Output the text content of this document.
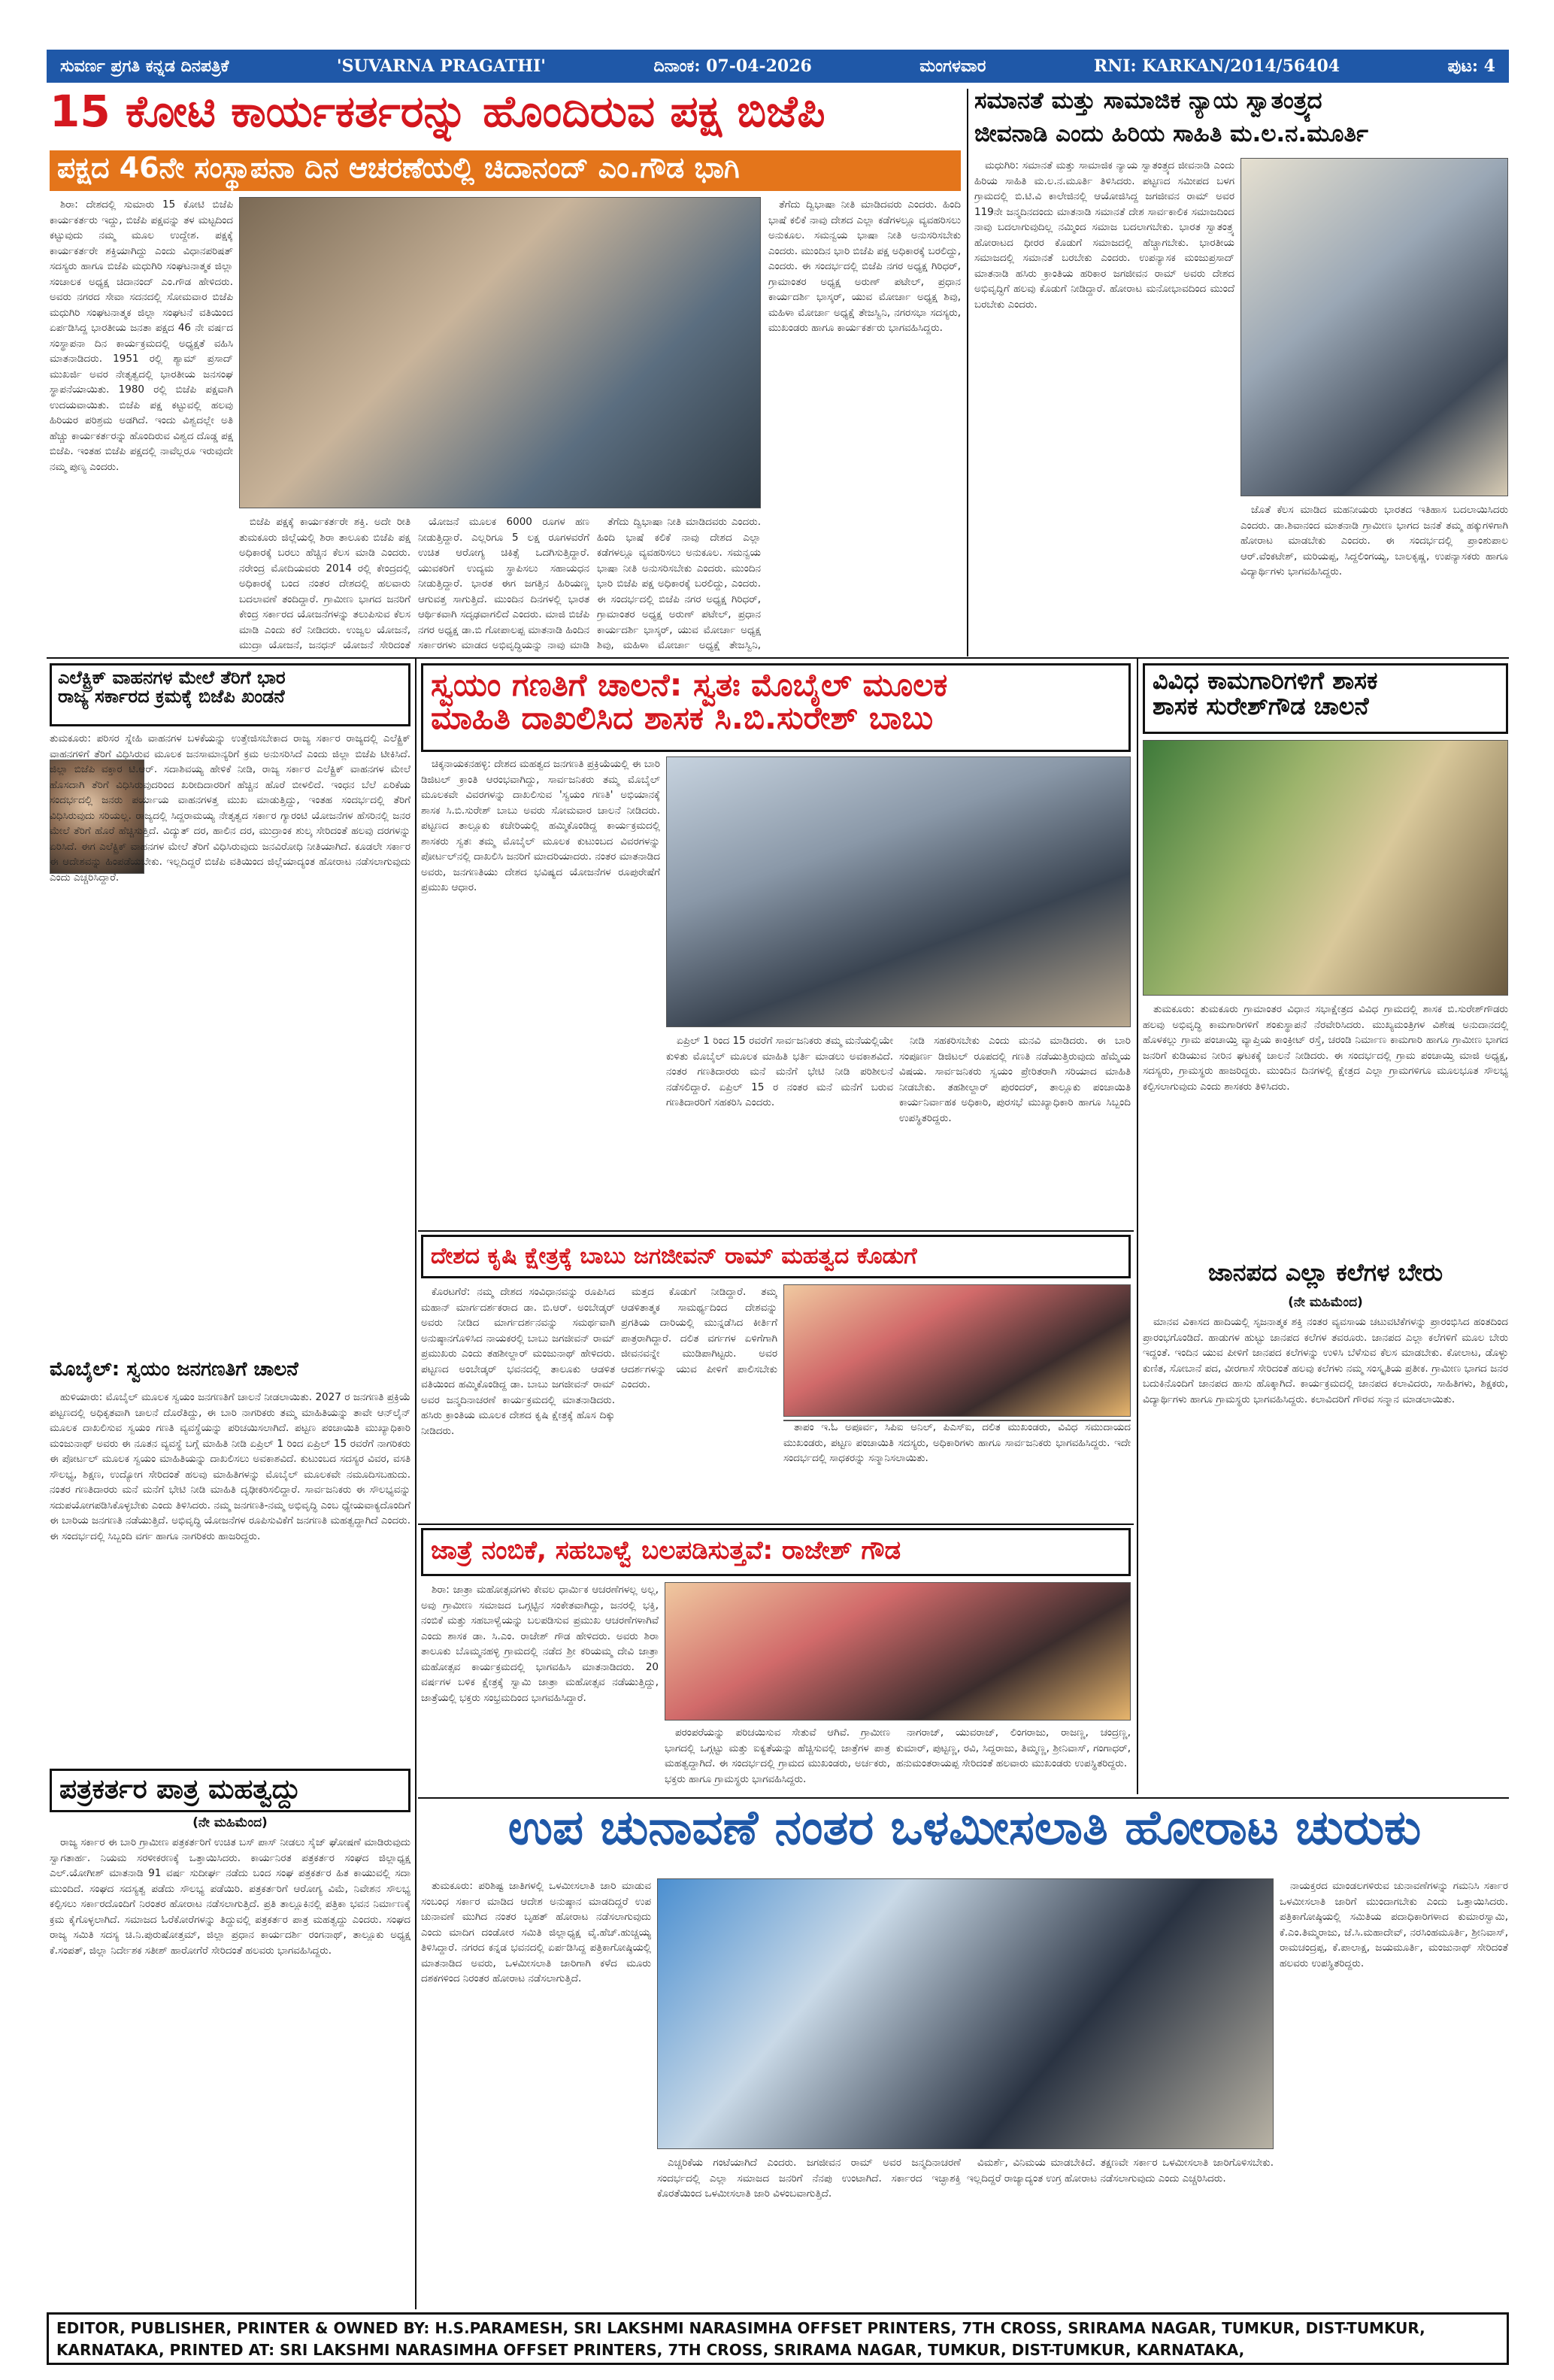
ಸುವರ್ಣ ಪ್ರಗತಿ ಕನ್ನಡ ದಿನಪತ್ರಿಕೆ	'SUVARNA PRAGATHI'	ದಿನಾಂಕ: 07-04-2026	ಮಂಗಳವಾರ	RNI: KARKAN/2014/56404	ಪುಟ: 4
15 ಕೋಟಿ ಕಾರ್ಯಕರ್ತರನ್ನು ಹೊಂದಿರುವ ಪಕ್ಷ ಬಿಜೆಪಿ
ಪಕ್ಷದ 46ನೇ ಸಂಸ್ಥಾಪನಾ ದಿನ ಆಚರಣೆಯಲ್ಲಿ ಚಿದಾನಂದ್ ಎಂ.ಗೌಡ ಭಾಗಿ

ಶಿರಾ: ದೇಶದಲ್ಲಿ ಸುಮಾರು 15 ಕೋಟಿ ಬಿಜೆಪಿ ಕಾರ್ಯಕರ್ತರು ಇದ್ದು, ಬಿಜೆಪಿ ಪಕ್ಷವನ್ನು ತಳ ಮಟ್ಟದಿಂದ ಕಟ್ಟುವುದು ನಮ್ಮ ಮೂಲ ಉದ್ದೇಶ. ಪಕ್ಷಕ್ಕೆ ಕಾರ್ಯಕರ್ತರೇ ಶಕ್ತಿಯಾಗಿದ್ದು ಎಂದು ವಿಧಾನಪರಿಷತ್ ಸದಸ್ಯರು ಹಾಗೂ ಬಿಜೆಪಿ ಮಧುಗಿರಿ ಸಂಘಟನಾತ್ಮಕ ಜಿಲ್ಲಾ ಸಂಚಾಲಕ ಅಧ್ಯಕ್ಷ ಚಿದಾನಂದ್ ಎಂ.ಗೌಡ ಹೇಳಿದರು. ಅವರು ನಗರದ ಸೇವಾ ಸದನದಲ್ಲಿ ಸೋಮವಾರ ಬಿಜೆಪಿ ಮಧುಗಿರಿ ಸಂಘಟನಾತ್ಮಕ ಜಿಲ್ಲಾ ಸಂಘಟನೆ ವತಿಯಿಂದ ಏರ್ಪಡಿಸಿದ್ದ ಭಾರತೀಯ ಜನತಾ ಪಕ್ಷದ 46 ನೇ ವರ್ಷದ ಸಂಸ್ಥಾಪನಾ ದಿನ ಕಾರ್ಯಕ್ರಮದಲ್ಲಿ ಅಧ್ಯಕ್ಷತೆ ವಹಿಸಿ ಮಾತನಾಡಿದರು. 1951 ರಲ್ಲಿ ಶ್ಯಾಮ್ ಪ್ರಸಾದ್ ಮುಖರ್ಜಿ ಅವರ ನೇತೃತ್ವದಲ್ಲಿ ಭಾರತೀಯ ಜನಸಂಘ ಸ್ಥಾಪನೆಯಾಯಿತು. 1980 ರಲ್ಲಿ ಬಿಜೆಪಿ ಪಕ್ಷವಾಗಿ ಉದಯವಾಯಿತು. ಬಿಜೆಪಿ ಪಕ್ಷ ಕಟ್ಟುವಲ್ಲಿ ಹಲವು ಹಿರಿಯರ ಪರಿಶ್ರಮ ಅಡಗಿದೆ. ಇಂದು ವಿಶ್ವದಲ್ಲೇ ಅತಿ ಹೆಚ್ಚು ಕಾರ್ಯಕರ್ತರನ್ನು ಹೊಂದಿರುವ ವಿಶ್ವದ ದೊಡ್ಡ ಪಕ್ಷ ಬಿಜೆಪಿ. ಇಂತಹ ಬಿಜೆಪಿ ಪಕ್ಷದಲ್ಲಿ ನಾವೆಲ್ಲರೂ ಇರುವುದೇ ನಮ್ಮ ಪುಣ್ಯ ಎಂದರು.

ಬಿಜೆಪಿ ಪಕ್ಷಕ್ಕೆ ಕಾರ್ಯಕರ್ತರೇ ಶಕ್ತಿ. ಅದೇ ರೀತಿ ತುಮಕೂರು ಜಿಲ್ಲೆಯಲ್ಲಿ ಶಿರಾ ತಾಲೂಕು ಬಿಜೆಪಿ ಪಕ್ಷ ಅಧಿಕಾರಕ್ಕೆ ಬರಲು ಹೆಚ್ಚಿನ ಕೆಲಸ ಮಾಡಿ ಎಂದರು. ನರೇಂದ್ರ ಮೋದಿಯವರು 2014 ರಲ್ಲಿ ಕೇಂದ್ರದಲ್ಲಿ ಅಧಿಕಾರಕ್ಕೆ ಬಂದ ನಂತರ ದೇಶದಲ್ಲಿ ಹಲವಾರು ಬದಲಾವಣೆ ತಂದಿದ್ದಾರೆ. ಗ್ರಾಮೀಣ ಭಾಗದ ಜನರಿಗೆ ಕೇಂದ್ರ ಸರ್ಕಾರದ ಯೋಜನೆಗಳನ್ನು ತಲುಪಿಸುವ ಕೆಲಸ ಮಾಡಿ ಎಂದು ಕರೆ ನೀಡಿದರು. ಉಜ್ವಲ ಯೋಜನೆ, ಮುದ್ರಾ ಯೋಜನೆ, ಜನಧನ್ ಯೋಜನೆ ಸೇರಿದಂತೆ

ಯೋಜನೆ ಮೂಲಕ 6000 ರೂಗಳ ಹಣ ನೀಡುತ್ತಿದ್ದಾರೆ. ಎಲ್ಲರಿಗೂ 5 ಲಕ್ಷ ರೂಗಳವರೆಗೆ ಉಚಿತ ಆರೋಗ್ಯ ಚಿಕಿತ್ಸೆ ಒದಗಿಸುತ್ತಿದ್ದಾರೆ. ಯುವಕರಿಗೆ ಉದ್ಯಮ ಸ್ಥಾಪಿಸಲು ಸಹಾಯಧನ ನೀಡುತ್ತಿದ್ದಾರೆ. ಭಾರತ ಈಗ ಜಗತ್ತಿನ ಹಿರಿಯಣ್ಣ ಆಗುವತ್ತ ಸಾಗುತ್ತಿದೆ. ಮುಂದಿನ ದಿನಗಳಲ್ಲಿ ಭಾರತ ಆರ್ಥಿಕವಾಗಿ ಸದೃಢವಾಗಲಿದೆ ಎಂದರು. ಮಾಜಿ ಬಿಜೆಪಿ ನಗರ ಅಧ್ಯಕ್ಷ ಡಾ.ಬಿ ಗೋಪಾಲಪ್ಪ ಮಾತನಾಡಿ ಹಿಂದಿನ ಸರ್ಕಾರಗಳು ಮಾಡದ ಅಭಿವೃದ್ಧಿಯನ್ನು ನಾವು ಮಾಡಿ

ತೆಗೆದು ದ್ವಿಭಾಷಾ ನೀತಿ ಮಾಡಿದವರು ಎಂದರು. ಹಿಂದಿ ಭಾಷೆ ಕಲಿಕೆ ನಾವು ದೇಶದ ಎಲ್ಲಾ ಕಡೆಗಳಲ್ಲೂ ವ್ಯವಹರಿಸಲು ಅನುಕೂಲ. ಸಮನ್ವಯ ಭಾಷಾ ನೀತಿ ಅನುಸರಿಸಬೇಕು ಎಂದರು. ಮುಂದಿನ ಭಾರಿ ಬಿಜೆಪಿ ಪಕ್ಷ ಅಧಿಕಾರಕ್ಕೆ ಬರಲಿದ್ದು, ಎಂದರು. ಈ ಸಂದರ್ಭದಲ್ಲಿ ಬಿಜೆಪಿ ನಗರ ಅಧ್ಯಕ್ಷ ಗಿರಿಧರ್, ಗ್ರಾಮಾಂತರ ಅಧ್ಯಕ್ಷ ಅರುಣ್ ಪಟೇಲ್, ಪ್ರಧಾನ ಕಾರ್ಯದರ್ಶಿ ಭಾಸ್ಕರ್, ಯುವ ಮೋರ್ಚಾ ಅಧ್ಯಕ್ಷ ಶಿವು, ಮಹಿಳಾ ಮೋರ್ಚಾ ಅಧ್ಯಕ್ಷೆ ತೇಜಸ್ವಿನಿ,

ತೆಗೆದು ದ್ವಿಭಾಷಾ ನೀತಿ ಮಾಡಿದವರು ಎಂದರು. ಹಿಂದಿ ಭಾಷೆ ಕಲಿಕೆ ನಾವು ದೇಶದ ಎಲ್ಲಾ ಕಡೆಗಳಲ್ಲೂ ವ್ಯವಹರಿಸಲು ಅನುಕೂಲ. ಸಮನ್ವಯ ಭಾಷಾ ನೀತಿ ಅನುಸರಿಸಬೇಕು ಎಂದರು. ಮುಂದಿನ ಭಾರಿ ಬಿಜೆಪಿ ಪಕ್ಷ ಅಧಿಕಾರಕ್ಕೆ ಬರಲಿದ್ದು, ಎಂದರು. ಈ ಸಂದರ್ಭದಲ್ಲಿ ಬಿಜೆಪಿ ನಗರ ಅಧ್ಯಕ್ಷ ಗಿರಿಧರ್, ಗ್ರಾಮಾಂತರ ಅಧ್ಯಕ್ಷ ಅರುಣ್ ಪಟೇಲ್, ಪ್ರಧಾನ ಕಾರ್ಯದರ್ಶಿ ಭಾಸ್ಕರ್, ಯುವ ಮೋರ್ಚಾ ಅಧ್ಯಕ್ಷ ಶಿವು, ಮಹಿಳಾ ಮೋರ್ಚಾ ಅಧ್ಯಕ್ಷೆ ತೇಜಸ್ವಿನಿ, ನಗರಸಭಾ ಸದಸ್ಯರು, ಮುಖಂಡರು ಹಾಗೂ ಕಾರ್ಯಕರ್ತರು ಭಾಗವಹಿಸಿದ್ದರು.

ಸಮಾನತೆ ಮತ್ತು ಸಾಮಾಜಿಕ ನ್ಯಾಯ ಸ್ವಾತಂತ್ರ್ಯದ
ಜೀವನಾಡಿ ಎಂದು ಹಿರಿಯ ಸಾಹಿತಿ ಮ.ಲ.ನ.ಮೂರ್ತಿ

ಮಧುಗಿರಿ: ಸಮಾನತೆ ಮತ್ತು ಸಾಮಾಜಿಕ ನ್ಯಾಯ ಸ್ವಾತಂತ್ರ್ಯದ ಜೀವನಾಡಿ ಎಂದು ಹಿರಿಯ ಸಾಹಿತಿ ಮ.ಲ.ನ.ಮೂರ್ತಿ ತಿಳಿಸಿದರು. ಪಟ್ಟಣದ ಸಮೀಪದ ಬಳಗ ಗ್ರಾಮದಲ್ಲಿ ಬಿ.ಟಿ.ವಿ ಕಾಲೇಜಿನಲ್ಲಿ ಆಯೋಜಿಸಿದ್ದ ಜಗಜೀವನ ರಾಮ್ ಅವರ 119ನೇ ಜನ್ಮದಿನದಂದು ಮಾತನಾಡಿ ಸಮಾನತೆ ದೇಶ ಸಾರ್ವಕಾಲಿಕ ಸಮಾಜದಿಂದ ನಾವು ಬದಲಾಗುವುದಿಲ್ಲ ನಮ್ಮಿಂದ ಸಮಾಜ ಬದಲಾಗಬೇಕು. ಭಾರತ ಸ್ವಾತಂತ್ರ್ಯ ಹೋರಾಟದ ಧೀರರ ಕೊಡುಗೆ ಸಮಾಜದಲ್ಲಿ ಹೆಚ್ಚಾಗಬೇಕು. ಭಾರತೀಯ ಸಮಾಜದಲ್ಲಿ ಸಮಾನತೆ ಬರಬೇಕು ಎಂದರು. ಉಪನ್ಯಾಸಕ ಮಂಜುಪ್ರಸಾದ್ ಮಾತನಾಡಿ ಹಸಿರು ಕ್ರಾಂತಿಯ ಹರಿಕಾರ ಜಗಜೀವನ ರಾಮ್ ಅವರು ದೇಶದ ಅಭಿವೃದ್ಧಿಗೆ ಹಲವು ಕೊಡುಗೆ ನೀಡಿದ್ದಾರೆ. ಹೋರಾಟ ಮನೋಭಾವದಿಂದ ಮುಂದೆ ಬರಬೇಕು ಎಂದರು.

ಜೊತೆ ಕೆಲಸ ಮಾಡಿದ ಮಹನೀಯರು ಭಾರತದ ಇತಿಹಾಸ ಬದಲಾಯಿಸಿದರು ಎಂದರು. ಡಾ.ಶಿವಾನಂದ ಮಾತನಾಡಿ ಗ್ರಾಮೀಣ ಭಾಗದ ಜನತೆ ತಮ್ಮ ಹಕ್ಕುಗಳಿಗಾಗಿ ಹೋರಾಟ ಮಾಡಬೇಕು ಎಂದರು. ಈ ಸಂದರ್ಭದಲ್ಲಿ ಪ್ರಾಂಶುಪಾಲ ಆರ್.ವೆಂಕಟೇಶ್, ಮರಿಯಪ್ಪ, ಸಿದ್ದಲಿಂಗಯ್ಯ, ಬಾಲಕೃಷ್ಣ, ಉಪನ್ಯಾಸಕರು ಹಾಗೂ ವಿದ್ಯಾರ್ಥಿಗಳು ಭಾಗವಹಿಸಿದ್ದರು.

ಎಲೆಕ್ಟ್ರಿಕ್ ವಾಹನಗಳ ಮೇಲೆ ತೆರಿಗೆ ಭಾರ
ರಾಜ್ಯ ಸರ್ಕಾರದ ಕ್ರಮಕ್ಕೆ ಬಿಜೆಪಿ ಖಂಡನೆ

ತುಮಕೂರು: ಪರಿಸರ ಸ್ನೇಹಿ ವಾಹನಗಳ ಬಳಕೆಯನ್ನು ಉತ್ತೇಜಿಸಬೇಕಾದ ರಾಜ್ಯ ಸರ್ಕಾರ ರಾಜ್ಯದಲ್ಲಿ ಎಲೆಕ್ಟ್ರಿಕ್ ವಾಹನಗಳಿಗೆ ತೆರಿಗೆ ವಿಧಿಸಿರುವ ಮೂಲಕ ಜನಸಾಮಾನ್ಯರಿಗೆ ಕ್ರಮ ಅನುಸರಿಸಿದೆ ಎಂದು ಜಿಲ್ಲಾ ಬಿಜೆಪಿ ಟೀಕಿಸಿದೆ. ಜಿಲ್ಲಾ ಬಿಜೆಪಿ ವಕ್ತಾರ ಟಿ.ಆರ್. ಸದಾಶಿವಯ್ಯ ಹೇಳಿಕೆ ನೀಡಿ, ರಾಜ್ಯ ಸರ್ಕಾರ ಎಲೆಕ್ಟ್ರಿಕ್ ವಾಹನಗಳ ಮೇಲೆ ಹೊಸದಾಗಿ ತೆರಿಗೆ ವಿಧಿಸಿರುವುದರಿಂದ ಖರೀದಿದಾರರಿಗೆ ಹೆಚ್ಚಿನ ಹೊರೆ ಬೀಳಲಿದೆ. ಇಂಧನ ಬೆಲೆ ಏರಿಕೆಯ ಸಂದರ್ಭದಲ್ಲಿ ಜನರು ಪರ್ಯಾಯ ವಾಹನಗಳತ್ತ ಮುಖ ಮಾಡುತ್ತಿದ್ದು, ಇಂತಹ ಸಂದರ್ಭದಲ್ಲಿ ತೆರಿಗೆ ವಿಧಿಸಿರುವುದು ಸರಿಯಲ್ಲ. ರಾಜ್ಯದಲ್ಲಿ ಸಿದ್ದರಾಮಯ್ಯ ನೇತೃತ್ವದ ಸರ್ಕಾರ ಗ್ಯಾರಂಟಿ ಯೋಜನೆಗಳ ಹೆಸರಿನಲ್ಲಿ ಜನರ ಮೇಲೆ ತೆರಿಗೆ ಹೊರೆ ಹೆಚ್ಚಿಸುತ್ತಿದೆ. ವಿದ್ಯುತ್ ದರ, ಹಾಲಿನ ದರ, ಮುದ್ರಾಂಕ ಶುಲ್ಕ ಸೇರಿದಂತೆ ಹಲವು ದರಗಳನ್ನು ಏರಿಸಿದೆ. ಈಗ ಎಲೆಕ್ಟ್ರಿಕ್ ವಾಹನಗಳ ಮೇಲೆ ತೆರಿಗೆ ವಿಧಿಸಿರುವುದು ಜನವಿರೋಧಿ ನೀತಿಯಾಗಿದೆ. ಕೂಡಲೇ ಸರ್ಕಾರ ಈ ಆದೇಶವನ್ನು ಹಿಂಪಡೆಯಬೇಕು. ಇಲ್ಲದಿದ್ದರೆ ಬಿಜೆಪಿ ವತಿಯಿಂದ ಜಿಲ್ಲೆಯಾದ್ಯಂತ ಹೋರಾಟ ನಡೆಸಲಾಗುವುದು ಎಂದು ಎಚ್ಚರಿಸಿದ್ದಾರೆ.

ಮೊಬೈಲ್: ಸ್ವಯಂ ಜನಗಣತಿಗೆ ಚಾಲನೆ

ಹುಳಿಯಾರು: ಮೊಬೈಲ್ ಮೂಲಕ ಸ್ವಯಂ ಜನಗಣತಿಗೆ ಚಾಲನೆ ನೀಡಲಾಯಿತು. 2027 ರ ಜನಗಣತಿ ಪ್ರಕ್ರಿಯೆ ಪಟ್ಟಣದಲ್ಲಿ ಅಧಿಕೃತವಾಗಿ ಚಾಲನೆ ದೊರೆತಿದ್ದು, ಈ ಬಾರಿ ನಾಗರಿಕರು ತಮ್ಮ ಮಾಹಿತಿಯನ್ನು ತಾವೇ ಆನ್‌ಲೈನ್ ಮೂಲಕ ದಾಖಲಿಸುವ ಸ್ವಯಂ ಗಣತಿ ವ್ಯವಸ್ಥೆಯನ್ನು ಪರಿಚಯಿಸಲಾಗಿದೆ. ಪಟ್ಟಣ ಪಂಚಾಯಿತಿ ಮುಖ್ಯಾಧಿಕಾರಿ ಮಂಜುನಾಥ್ ಅವರು ಈ ನೂತನ ವ್ಯವಸ್ಥೆ ಬಗ್ಗೆ ಮಾಹಿತಿ ನೀಡಿ ಏಪ್ರಿಲ್ 1 ರಿಂದ ಏಪ್ರಿಲ್ 15 ರವರೆಗೆ ನಾಗರಿಕರು ಈ ಪೋರ್ಟಲ್ ಮೂಲಕ ಸ್ವಯಂ ಮಾಹಿತಿಯನ್ನು ದಾಖಲಿಸಲು ಅವಕಾಶವಿದೆ. ಕುಟುಂಬದ ಸದಸ್ಯರ ವಿವರ, ವಸತಿ ಸೌಲಭ್ಯ, ಶಿಕ್ಷಣ, ಉದ್ಯೋಗ ಸೇರಿದಂತೆ ಹಲವು ಮಾಹಿತಿಗಳನ್ನು ಮೊಬೈಲ್ ಮೂಲಕವೇ ನಮೂದಿಸಬಹುದು. ನಂತರ ಗಣತಿದಾರರು ಮನೆ ಮನೆಗೆ ಭೇಟಿ ನೀಡಿ ಮಾಹಿತಿ ದೃಢೀಕರಿಸಲಿದ್ದಾರೆ. ಸಾರ್ವಜನಿಕರು ಈ ಸೌಲಭ್ಯವನ್ನು ಸದುಪಯೋಗಪಡಿಸಿಕೊಳ್ಳಬೇಕು ಎಂದು ತಿಳಿಸಿದರು. ನಮ್ಮ ಜನಗಣತಿ-ನಮ್ಮ ಅಭಿವೃದ್ಧಿ ಎಂಬ ಧ್ಯೇಯವಾಕ್ಯದೊಂದಿಗೆ ಈ ಬಾರಿಯ ಜನಗಣತಿ ನಡೆಯುತ್ತಿದೆ. ಅಭಿವೃದ್ಧಿ ಯೋಜನೆಗಳ ರೂಪಿಸುವಿಕೆಗೆ ಜನಗಣತಿ ಮಹತ್ವದ್ದಾಗಿದೆ ಎಂದರು. ಈ ಸಂದರ್ಭದಲ್ಲಿ ಸಿಬ್ಬಂದಿ ವರ್ಗ ಹಾಗೂ ನಾಗರಿಕರು ಹಾಜರಿದ್ದರು.

ಪತ್ರಕರ್ತರ ಪಾತ್ರ ಮಹತ್ವದ್ದು
(ನೇ ಮಹಿಮೆಂದ)

ರಾಜ್ಯ ಸರ್ಕಾರ ಈ ಬಾರಿ ಗ್ರಾಮೀಣ ಪತ್ರಕರ್ತರಿಗೆ ಉಚಿತ ಬಸ್ ಪಾಸ್ ನೀಡಲು ಸೈಜ್ ಘೋಷಣೆ ಮಾಡಿರುವುದು ಸ್ವಾಗತಾರ್ಹ. ನಿಯಮ ಸರಳೀಕರಣಕ್ಕೆ ಒತ್ತಾಯಿಸಿದರು. ಕಾರ್ಯನಿರತ ಪತ್ರಕರ್ತರ ಸಂಘದ ಜಿಲ್ಲಾಧ್ಯಕ್ಷ ಎಲ್.ಯೋಗೀಶ್ ಮಾತನಾಡಿ 91 ವರ್ಷ ಸುದೀರ್ಘ ನಡೆದು ಬಂದ ಸಂಘ ಪತ್ರಕರ್ತರ ಹಿತ ಕಾಯುವಲ್ಲಿ ಸದಾ ಮುಂದಿದೆ. ಸಂಘದ ಸದಸ್ಯತ್ವ ಪಡೆದು ಸೌಲಭ್ಯ ಪಡೆಯಿರಿ. ಪತ್ರಕರ್ತರಿಗೆ ಆರೋಗ್ಯ ವಿಮೆ, ನಿವೇಶನ ಸೌಲಭ್ಯ ಕಲ್ಪಿಸಲು ಸರ್ಕಾರದೊಂದಿಗೆ ನಿರಂತರ ಹೋರಾಟ ನಡೆಸಲಾಗುತ್ತಿದೆ. ಪ್ರತಿ ತಾಲ್ಲೂಕಿನಲ್ಲಿ ಪತ್ರಿಕಾ ಭವನ ನಿರ್ಮಾಣಕ್ಕೆ ಕ್ರಮ ಕೈಗೊಳ್ಳಲಾಗಿದೆ. ಸಮಾಜದ ಓರೆಕೋರೆಗಳನ್ನು ತಿದ್ದುವಲ್ಲಿ ಪತ್ರಕರ್ತರ ಪಾತ್ರ ಮಹತ್ವದ್ದು ಎಂದರು. ಸಂಘದ ರಾಜ್ಯ ಸಮಿತಿ ಸದಸ್ಯ ಚಿ.ನಿ.ಪುರುಷೋತ್ತಮ್, ಜಿಲ್ಲಾ ಪ್ರಧಾನ ಕಾರ್ಯದರ್ಶಿ ರಂಗನಾಥ್, ತಾಲ್ಲೂಕು ಅಧ್ಯಕ್ಷ ಕೆ.ಸಂಪತ್, ಜಿಲ್ಲಾ ನಿರ್ದೇಶಕ ಸತೀಶ್ ಹಾರೋಗೆರೆ ಸೇರಿದಂತೆ ಹಲವರು ಭಾಗವಹಿಸಿದ್ದರು.

ಸ್ವಯಂ ಗಣತಿಗೆ ಚಾಲನೆ: ಸ್ವತಃ ಮೊಬೈಲ್ ಮೂಲಕ
ಮಾಹಿತಿ ದಾಖಲಿಸಿದ ಶಾಸಕ ಸಿ.ಬಿ.ಸುರೇಶ್ ಬಾಬು

ಚಿಕ್ಕನಾಯಕನಹಳ್ಳಿ: ದೇಶದ ಮಹತ್ವದ ಜನಗಣತಿ ಪ್ರಕ್ರಿಯೆಯಲ್ಲಿ ಈ ಬಾರಿ ಡಿಜಿಟಲ್ ಕ್ರಾಂತಿ ಆರಂಭವಾಗಿದ್ದು, ಸಾರ್ವಜನಿಕರು ತಮ್ಮ ಮೊಬೈಲ್ ಮೂಲಕವೇ ವಿವರಗಳನ್ನು ದಾಖಲಿಸುವ 'ಸ್ವಯಂ ಗಣತಿ' ಅಭಿಯಾನಕ್ಕೆ ಶಾಸಕ ಸಿ.ಬಿ.ಸುರೇಶ್ ಬಾಬು ಅವರು ಸೋಮವಾರ ಚಾಲನೆ ನೀಡಿದರು. ಪಟ್ಟಣದ ತಾಲ್ಲೂಕು ಕಚೇರಿಯಲ್ಲಿ ಹಮ್ಮಿಕೊಂಡಿದ್ದ ಕಾರ್ಯಕ್ರಮದಲ್ಲಿ ಶಾಸಕರು ಸ್ವತಃ ತಮ್ಮ ಮೊಬೈಲ್ ಮೂಲಕ ಕುಟುಂಬದ ವಿವರಗಳನ್ನು ಪೋರ್ಟಲ್‌ನಲ್ಲಿ ದಾಖಲಿಸಿ ಜನರಿಗೆ ಮಾದರಿಯಾದರು. ನಂತರ ಮಾತನಾಡಿದ ಅವರು, ಜನಗಣತಿಯು ದೇಶದ ಭವಿಷ್ಯದ ಯೋಜನೆಗಳ ರೂಪುರೇಷೆಗೆ ಪ್ರಮುಖ ಆಧಾರ.

ಏಪ್ರಿಲ್ 1 ರಿಂದ 15 ರವರೆಗೆ ಸಾರ್ವಜನಿಕರು ತಮ್ಮ ಮನೆಯಲ್ಲಿಯೇ ಕುಳಿತು ಮೊಬೈಲ್ ಮೂಲಕ ಮಾಹಿತಿ ಭರ್ತಿ ಮಾಡಲು ಅವಕಾಶವಿದೆ. ನಂತರ ಗಣತಿದಾರರು ಮನೆ ಮನೆಗೆ ಭೇಟಿ ನೀಡಿ ಪರಿಶೀಲನೆ ನಡೆಸಲಿದ್ದಾರೆ. ಏಪ್ರಿಲ್ 15 ರ ನಂತರ ಮನೆ ಮನೆಗೆ ಬರುವ ಗಣತಿದಾರರಿಗೆ ಸಹಕರಿಸಿ ಎಂದರು.

ನೀಡಿ ಸಹಕರಿಸಬೇಕು ಎಂದು ಮನವಿ ಮಾಡಿದರು. ಈ ಬಾರಿ ಸಂಪೂರ್ಣ ಡಿಜಿಟಲ್ ರೂಪದಲ್ಲಿ ಗಣತಿ ನಡೆಯುತ್ತಿರುವುದು ಹೆಮ್ಮೆಯ ವಿಷಯ. ಸಾರ್ವಜನಿಕರು ಸ್ವಯಂ ಪ್ರೇರಿತರಾಗಿ ಸರಿಯಾದ ಮಾಹಿತಿ ನೀಡಬೇಕು. ತಹಶೀಲ್ದಾರ್ ಪುರಂದರ್, ತಾಲ್ಲೂಕು ಪಂಚಾಯಿತಿ ಕಾರ್ಯನಿರ್ವಾಹಕ ಅಧಿಕಾರಿ, ಪುರಸಭೆ ಮುಖ್ಯಾಧಿಕಾರಿ ಹಾಗೂ ಸಿಬ್ಬಂದಿ ಉಪಸ್ಥಿತರಿದ್ದರು.

ವಿವಿಧ ಕಾಮಗಾರಿಗಳಿಗೆ ಶಾಸಕ
ಶಾಸಕ ಸುರೇಶ್‌ಗೌಡ ಚಾಲನೆ

ತುಮಕೂರು: ತುಮಕೂರು ಗ್ರಾಮಾಂತರ ವಿಧಾನ ಸಭಾಕ್ಷೇತ್ರದ ವಿವಿಧ ಗ್ರಾಮದಲ್ಲಿ ಶಾಸಕ ಬಿ.ಸುರೇಶ್‌ಗೌಡರು ಹಲವು ಅಭಿವೃದ್ಧಿ ಕಾಮಗಾರಿಗಳಿಗೆ ಶಂಕುಸ್ಥಾಪನೆ ನೆರವೇರಿಸಿದರು. ಮುಖ್ಯಮಂತ್ರಿಗಳ ವಿಶೇಷ ಅನುದಾನದಲ್ಲಿ ಹೊಳಕಲ್ಲು ಗ್ರಾಮ ಪಂಚಾಯ್ತಿ ವ್ಯಾಪ್ತಿಯ ಕಾಂಕ್ರೀಟ್ ರಸ್ತೆ, ಚರಂಡಿ ನಿರ್ಮಾಣ ಕಾಮಗಾರಿ ಹಾಗೂ ಗ್ರಾಮೀಣ ಭಾಗದ ಜನರಿಗೆ ಕುಡಿಯುವ ನೀರಿನ ಘಟಕಕ್ಕೆ ಚಾಲನೆ ನೀಡಿದರು. ಈ ಸಂದರ್ಭದಲ್ಲಿ ಗ್ರಾಮ ಪಂಚಾಯ್ತಿ ಮಾಜಿ ಅಧ್ಯಕ್ಷ, ಸದಸ್ಯರು, ಗ್ರಾಮಸ್ಥರು ಹಾಜರಿದ್ದರು. ಮುಂದಿನ ದಿನಗಳಲ್ಲಿ ಕ್ಷೇತ್ರದ ಎಲ್ಲಾ ಗ್ರಾಮಗಳಿಗೂ ಮೂಲಭೂತ ಸೌಲಭ್ಯ ಕಲ್ಪಿಸಲಾಗುವುದು ಎಂದು ಶಾಸಕರು ತಿಳಿಸಿದರು.

ಜಾನಪದ ಎಲ್ಲಾ ಕಲೆಗಳ ಬೇರು
(ನೇ ಮಹಿಮೆಂದ)

ಮಾನವ ವಿಕಾಸದ ಹಾದಿಯಲ್ಲಿ ಸೃಜನಾತ್ಮಕ ಶಕ್ತಿ ನಂತರ ವ್ಯವಸಾಯ ಚಟುವಟಿಕೆಗಳನ್ನು ಪ್ರಾರಂಭಿಸಿದ ಹಂತದಿಂದ ಪ್ರಾರಂಭಗೊಂಡಿದೆ. ಹಾಡುಗಳ ಹುಟ್ಟು ಜಾನಪದ ಕಲೆಗಳ ತವರೂರು. ಜಾನಪದ ಎಲ್ಲಾ ಕಲೆಗಳಿಗೆ ಮೂಲ ಬೇರು ಇದ್ದಂತೆ. ಇಂದಿನ ಯುವ ಪೀಳಿಗೆ ಜಾನಪದ ಕಲೆಗಳನ್ನು ಉಳಿಸಿ ಬೆಳೆಸುವ ಕೆಲಸ ಮಾಡಬೇಕು. ಕೋಲಾಟ, ಡೊಳ್ಳು ಕುಣಿತ, ಸೋಬಾನೆ ಪದ, ವೀರಗಾಸೆ ಸೇರಿದಂತೆ ಹಲವು ಕಲೆಗಳು ನಮ್ಮ ಸಂಸ್ಕೃತಿಯ ಪ್ರತೀಕ. ಗ್ರಾಮೀಣ ಭಾಗದ ಜನರ ಬದುಕಿನೊಂದಿಗೆ ಜಾನಪದ ಹಾಸು ಹೊಕ್ಕಾಗಿದೆ. ಕಾರ್ಯಕ್ರಮದಲ್ಲಿ ಜಾನಪದ ಕಲಾವಿದರು, ಸಾಹಿತಿಗಳು, ಶಿಕ್ಷಕರು, ವಿದ್ಯಾರ್ಥಿಗಳು ಹಾಗೂ ಗ್ರಾಮಸ್ಥರು ಭಾಗವಹಿಸಿದ್ದರು. ಕಲಾವಿದರಿಗೆ ಗೌರವ ಸನ್ಮಾನ ಮಾಡಲಾಯಿತು.

ದೇಶದ ಕೃಷಿ ಕ್ಷೇತ್ರಕ್ಕೆ ಬಾಬು ಜಗಜೀವನ್ ರಾಮ್ ಮಹತ್ವದ ಕೊಡುಗೆ

ಕೊರಟಗೆರೆ: ನಮ್ಮ ದೇಶದ ಸಂವಿಧಾನವನ್ನು ರೂಪಿಸಿದ ಮಹಾನ್ ಮಾರ್ಗದರ್ಶಕರಾದ ಡಾ. ಬಿ.ಆರ್. ಅಂಬೇಡ್ಕರ್ ಅವರು ನೀಡಿದ ಮಾರ್ಗದರ್ಶನವನ್ನು ಸಮರ್ಥವಾಗಿ ಅನುಷ್ಠಾನಗೊಳಿಸಿದ ನಾಯಕರಲ್ಲಿ ಬಾಬು ಜಗಜೀವನ್ ರಾಮ್ ಪ್ರಮುಖರು ಎಂದು ತಹಶೀಲ್ದಾರ್ ಮಂಜುನಾಥ್ ಹೇಳಿದರು. ಪಟ್ಟಣದ ಅಂಬೇಡ್ಕರ್ ಭವನದಲ್ಲಿ ತಾಲೂಕು ಆಡಳಿತ ವತಿಯಿಂದ ಹಮ್ಮಿಕೊಂಡಿದ್ದ ಡಾ. ಬಾಬು ಜಗಜೀವನ್ ರಾಮ್ ಅವರ ಜನ್ಮದಿನಾಚರಣೆ ಕಾರ್ಯಕ್ರಮದಲ್ಲಿ ಮಾತನಾಡಿದರು. ಹಸಿರು ಕ್ರಾಂತಿಯ ಮೂಲಕ ದೇಶದ ಕೃಷಿ ಕ್ಷೇತ್ರಕ್ಕೆ ಹೊಸ ದಿಕ್ಕು ನೀಡಿದರು.

ಮತ್ತದ ಕೊಡುಗೆ ನೀಡಿದ್ದಾರೆ. ತಮ್ಮ ಆಡಳಿತಾತ್ಮಕ ಸಾಮರ್ಥ್ಯದಿಂದ ದೇಶವನ್ನು ಪ್ರಗತಿಯ ದಾರಿಯಲ್ಲಿ ಮುನ್ನಡೆಸಿದ ಕೀರ್ತಿಗೆ ಪಾತ್ರರಾಗಿದ್ದಾರೆ. ದಲಿತ ವರ್ಗಗಳ ಏಳಿಗೆಗಾಗಿ ಜೀವನವನ್ನೇ ಮುಡಿಪಾಗಿಟ್ಟರು. ಅವರ ಆದರ್ಶಗಳನ್ನು ಯುವ ಪೀಳಿಗೆ ಪಾಲಿಸಬೇಕು ಎಂದರು.

ತಾಪಂ ಇ.ಓ ಅಪೂರ್ವ, ಸಿಪಿಐ ಅನಿಲ್, ಪಿಎಸ್‌ಐ, ದಲಿತ ಮುಖಂಡರು, ವಿವಿಧ ಸಮುದಾಯದ ಮುಖಂಡರು, ಪಟ್ಟಣ ಪಂಚಾಯಿತಿ ಸದಸ್ಯರು, ಅಧಿಕಾರಿಗಳು ಹಾಗೂ ಸಾರ್ವಜನಿಕರು ಭಾಗವಹಿಸಿದ್ದರು. ಇದೇ ಸಂದರ್ಭದಲ್ಲಿ ಸಾಧಕರನ್ನು ಸನ್ಮಾನಿಸಲಾಯಿತು.

ಜಾತ್ರೆ ನಂಬಿಕೆ, ಸಹಬಾಳ್ವೆ ಬಲಪಡಿಸುತ್ತವೆ: ರಾಜೇಶ್ ಗೌಡ

ಶಿರಾ: ಜಾತ್ರಾ ಮಹೋತ್ಸವಗಳು ಕೇವಲ ಧಾರ್ಮಿಕ ಆಚರಣೆಗಳಲ್ಲ ಅಲ್ಲ, ಅವು ಗ್ರಾಮೀಣ ಸಮಾಜದ ಒಗ್ಗಟ್ಟಿನ ಸಂಕೇತವಾಗಿದ್ದು, ಜನರಲ್ಲಿ ಭಕ್ತಿ, ನಂಬಿಕೆ ಮತ್ತು ಸಹಬಾಳ್ವೆಯನ್ನು ಬಲಪಡಿಸುವ ಪ್ರಮುಖ ಆಚರಣೆಗಳಾಗಿವೆ ಎಂದು ಶಾಸಕ ಡಾ. ಸಿ.ಎಂ. ರಾಜೇಶ್ ಗೌಡ ಹೇಳಿದರು. ಅವರು ಶಿರಾ ತಾಲೂಕು ಬೊಮ್ಮನಹಳ್ಳಿ ಗ್ರಾಮದಲ್ಲಿ ನಡೆದ ಶ್ರೀ ಕರಿಯಮ್ಮ ದೇವಿ ಜಾತ್ರಾ ಮಹೋತ್ಸವ ಕಾರ್ಯಕ್ರಮದಲ್ಲಿ ಭಾಗವಹಿಸಿ ಮಾತನಾಡಿದರು. 20 ವರ್ಷಗಳ ಬಳಿಕ ಕ್ಷೇತ್ರಕ್ಕೆ ಸ್ವಾಮಿ ಜಾತ್ರಾ ಮಹೋತ್ಸವ ನಡೆಯುತ್ತಿದ್ದು, ಜಾತ್ರೆಯಲ್ಲಿ ಭಕ್ತರು ಸಂಭ್ರಮದಿಂದ ಭಾಗವಹಿಸಿದ್ದಾರೆ.

ಪರಂಪರೆಯನ್ನು ಪರಿಚಯಿಸುವ ಸೇತುವೆ ಆಗಿವೆ. ಗ್ರಾಮೀಣ ಭಾಗದಲ್ಲಿ ಒಗ್ಗಟ್ಟು ಮತ್ತು ಐಕ್ಯತೆಯನ್ನು ಹೆಚ್ಚಿಸುವಲ್ಲಿ ಜಾತ್ರೆಗಳ ಪಾತ್ರ ಮಹತ್ವದ್ದಾಗಿದೆ. ಈ ಸಂದರ್ಭದಲ್ಲಿ ಗ್ರಾಮದ ಮುಖಂಡರು, ಅರ್ಚಕರು, ಭಕ್ತರು ಹಾಗೂ ಗ್ರಾಮಸ್ಥರು ಭಾಗವಹಿಸಿದ್ದರು.

ನಾಗರಾಜ್, ಯುವರಾಜ್, ಲಿಂಗರಾಜು, ರಾಜಣ್ಣ, ಚಂದ್ರಣ್ಣ, ಕುಮಾರ್, ಪುಟ್ಟಣ್ಣ, ರವಿ, ಸಿದ್ದರಾಜು, ತಿಮ್ಮಣ್ಣ, ಶ್ರೀನಿವಾಸ್, ಗಂಗಾಧರ್, ಹನುಮಂತರಾಯಪ್ಪ ಸೇರಿದಂತೆ ಹಲವಾರು ಮುಖಂಡರು ಉಪಸ್ಥಿತರಿದ್ದರು.

ಉಪ ಚುನಾವಣೆ ನಂತರ ಒಳಮೀಸಲಾತಿ ಹೋರಾಟ ಚುರುಕು

ತುಮಕೂರು: ಪರಿಶಿಷ್ಟ ಜಾತಿಗಳಲ್ಲಿ ಒಳಮೀಸಲಾತಿ ಜಾರಿ ಮಾಡುವ ಸಂಬಂಧ ಸರ್ಕಾರ ಮಾಡಿದ ಆದೇಶ ಅನುಷ್ಠಾನ ಮಾಡದಿದ್ದರೆ ಉಪ ಚುನಾವಣೆ ಮುಗಿದ ನಂತರ ಬೃಹತ್ ಹೋರಾಟ ನಡೆಸಲಾಗುವುದು ಎಂದು ಮಾದಿಗ ದಂಡೋರ ಸಮಿತಿ ಜಿಲ್ಲಾಧ್ಯಕ್ಷ ವೈ.ಹೆಚ್.ಹುಚ್ಚಯ್ಯ ತಿಳಿಸಿದ್ದಾರೆ. ನಗರದ ಕನ್ನಡ ಭವನದಲ್ಲಿ ಏರ್ಪಡಿಸಿದ್ದ ಪತ್ರಿಕಾಗೋಷ್ಠಿಯಲ್ಲಿ ಮಾತನಾಡಿದ ಅವರು, ಒಳಮೀಸಲಾತಿ ಜಾರಿಗಾಗಿ ಕಳೆದ ಮೂರು ದಶಕಗಳಿಂದ ನಿರಂತರ ಹೋರಾಟ ನಡೆಸಲಾಗುತ್ತಿದೆ.

ಎಚ್ಚರಿಕೆಯ ಗಂಟೆಯಾಗಿದೆ ಎಂದರು. ಜಗಜೀವನ ರಾಮ್ ಅವರ ಜನ್ಮದಿನಾಚರಣೆ ಸಂದರ್ಭದಲ್ಲಿ ಎಲ್ಲಾ ಸಮಾಜದ ಜನರಿಗೆ ನೆನಪು ಉಂಟಾಗಿದೆ. ಸರ್ಕಾರದ ಇಚ್ಛಾಶಕ್ತಿ ಕೊರತೆಯಿಂದ ಒಳಮೀಸಲಾತಿ ಜಾರಿ ವಿಳಂಬವಾಗುತ್ತಿದೆ.

ವಿಮರ್ಶೆ, ವಿನಿಮಯ ಮಾಡಬೇಕಿದೆ. ತಕ್ಷಣವೇ ಸರ್ಕಾರ ಒಳಮೀಸಲಾತಿ ಜಾರಿಗೊಳಿಸಬೇಕು. ಇಲ್ಲದಿದ್ದರೆ ರಾಜ್ಯಾದ್ಯಂತ ಉಗ್ರ ಹೋರಾಟ ನಡೆಸಲಾಗುವುದು ಎಂದು ಎಚ್ಚರಿಸಿದರು.

ನಾಯಕ್ತರದ ಮಾಂಡಲಗಳಿರುವ ಚುನಾವಣೆಗಳನ್ನು ಗಮನಿಸಿ ಸರ್ಕಾರ ಒಳಮೀಸಲಾತಿ ಜಾರಿಗೆ ಮುಂದಾಗಬೇಕು ಎಂದು ಒತ್ತಾಯಿಸಿದರು. ಪತ್ರಿಕಾಗೋಷ್ಠಿಯಲ್ಲಿ ಸಮಿತಿಯ ಪದಾಧಿಕಾರಿಗಳಾದ ಕುಮಾರಸ್ವಾಮಿ, ಕೆ.ಎಂ.ತಿಮ್ಮರಾಜು, ಜೆ.ಸಿ.ಮಹಾದೇವ್, ನರಸಿಂಹಮೂರ್ತಿ, ಶ್ರೀನಿವಾಸ್, ರಾಮಚಂದ್ರಪ್ಪ, ಕೆ.ಪಾಲಾಕ್ಷ, ಜಯಮೂರ್ತಿ, ಮಂಜುನಾಥ್ ಸೇರಿದಂತೆ ಹಲವರು ಉಪಸ್ಥಿತರಿದ್ದರು.

EDITOR, PUBLISHER, PRINTER & OWNED BY: H.S.PARAMESH, SRI LAKSHMI NARASIMHA OFFSET PRINTERS, 7TH CROSS, SRIRAMA NAGAR, TUMKUR, DIST-TUMKUR, KARNATAKA, PRINTED AT: SRI LAKSHMI NARASIMHA OFFSET PRINTERS, 7TH CROSS, SRIRAMA NAGAR, TUMKUR, DIST-TUMKUR, KARNATAKA,
